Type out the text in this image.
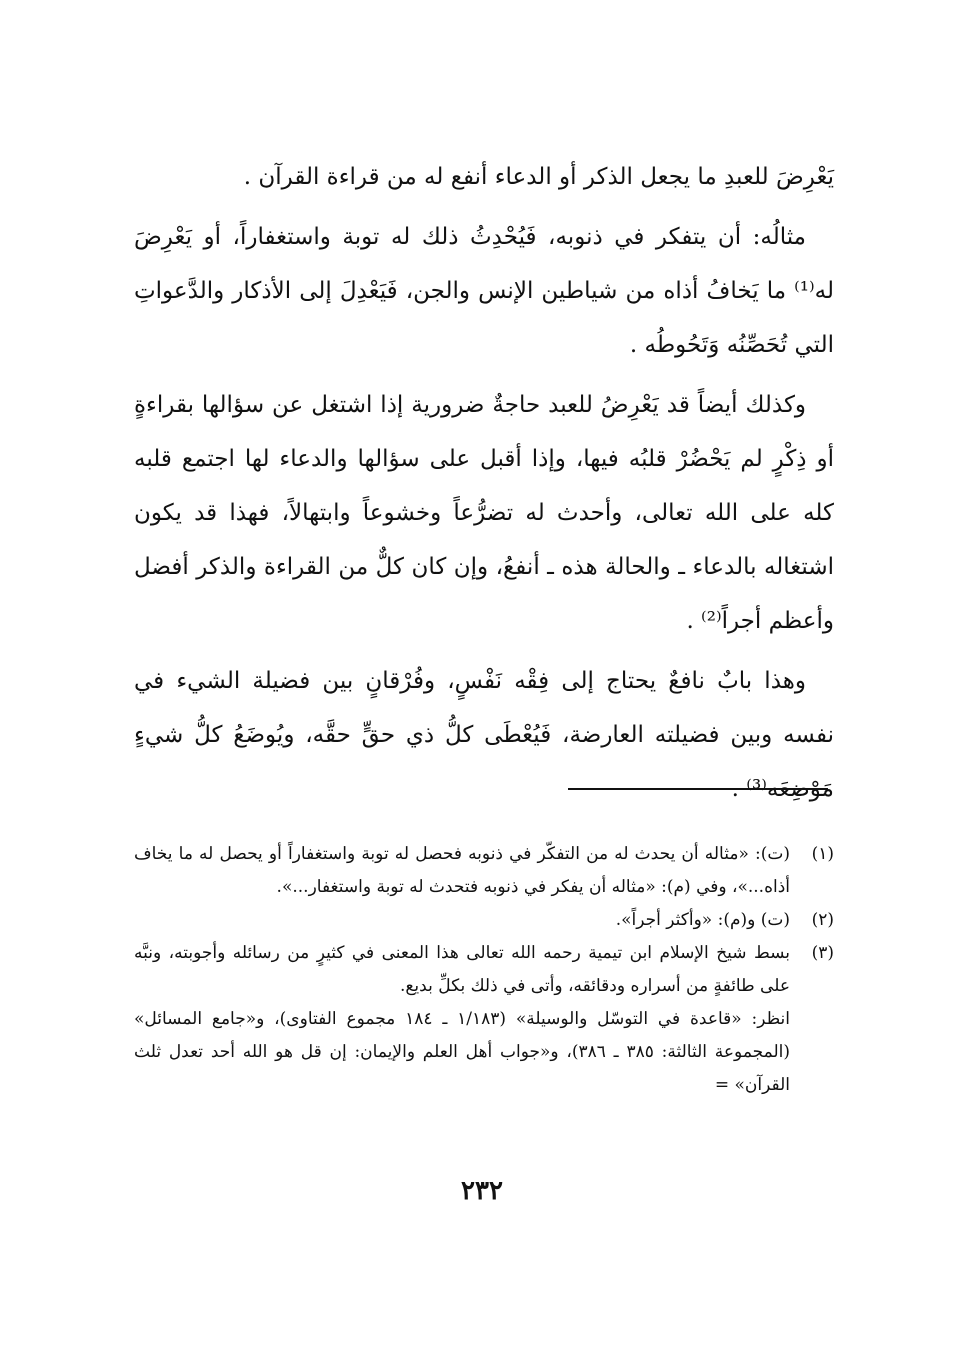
يَعْرِضَ للعبدِ ما يجعل الذكر أو الدعاء أنفع له من قراءة القرآن .

مثالُه: أن يتفكر في ذنوبه، فَيُحْدِثُ ذلك له توبة واستغفاراً، أو يَعْرِضَ له⁽¹⁾ ما يَخافُ أذاه من شياطين الإنس والجن، فَيَعْدِلَ إلى الأذكار والدَّعواتِ التي تُحَصِّنُه وَتَحُوطُه .

وكذلك أيضاً قد يَعْرِضُ للعبد حاجةٌ ضرورية إذا اشتغل عن سؤالها بقراءةٍ أو ذِكْرٍ لم يَحْضُرْ قلبُه فيها، وإذا أقبل على سؤالها والدعاء لها اجتمع قلبه كله على الله تعالى، وأحدث له تضرُّعاً وخشوعاً وابتهالاً، فهذا قد يكون اشتغاله بالدعاء ـ والحالة هذه ـ أنفعُ، وإن كان كلٌّ من القراءة والذكر أفضل وأعظم أجراً⁽²⁾ .

وهذا بابٌ نافعٌ يحتاج إلى فِقْه نَفْسٍ، وفُرْقانٍ بين فضيلة الشيء في نفسه وبين فضيلته العارضة، فَيُعْطَى كلُّ ذي حقٍّ حقَّه، ويُوضَعُ كلُّ شيءٍ مَوْضِعَه⁽³⁾ .

(١)
(ت): «مثاله أن يحدث له من التفكّر في ذنوبه فحصل له توبة واستغفاراً أو يحصل له ما يخاف أذاه...»، وفي (م): «مثاله أن يفكر في ذنوبه فتحدث له توبة واستغفار...».
(٢)
(ت) و(م): «وأكثر أجراً».
(٣)
بسط شيخ الإسلام ابن تيمية رحمه الله تعالى هذا المعنى في كثيرٍ من رسائله وأجوبته، ونبَّه على طائفةٍ من أسراره ودقائقه، وأتى في ذلك بكلِّ بديع.
انظر: «قاعدة في التوسّل والوسيلة» (١/١٨٣ ـ ١٨٤ مجموع الفتاوى)، و«جامع المسائل» (المجموعة الثالثة: ٣٨٥ ـ ٣٨٦)، و«جواب أهل العلم والإيمان: إن قل هو الله أحد تعدل ثلث القرآن» =
٢٣٢
